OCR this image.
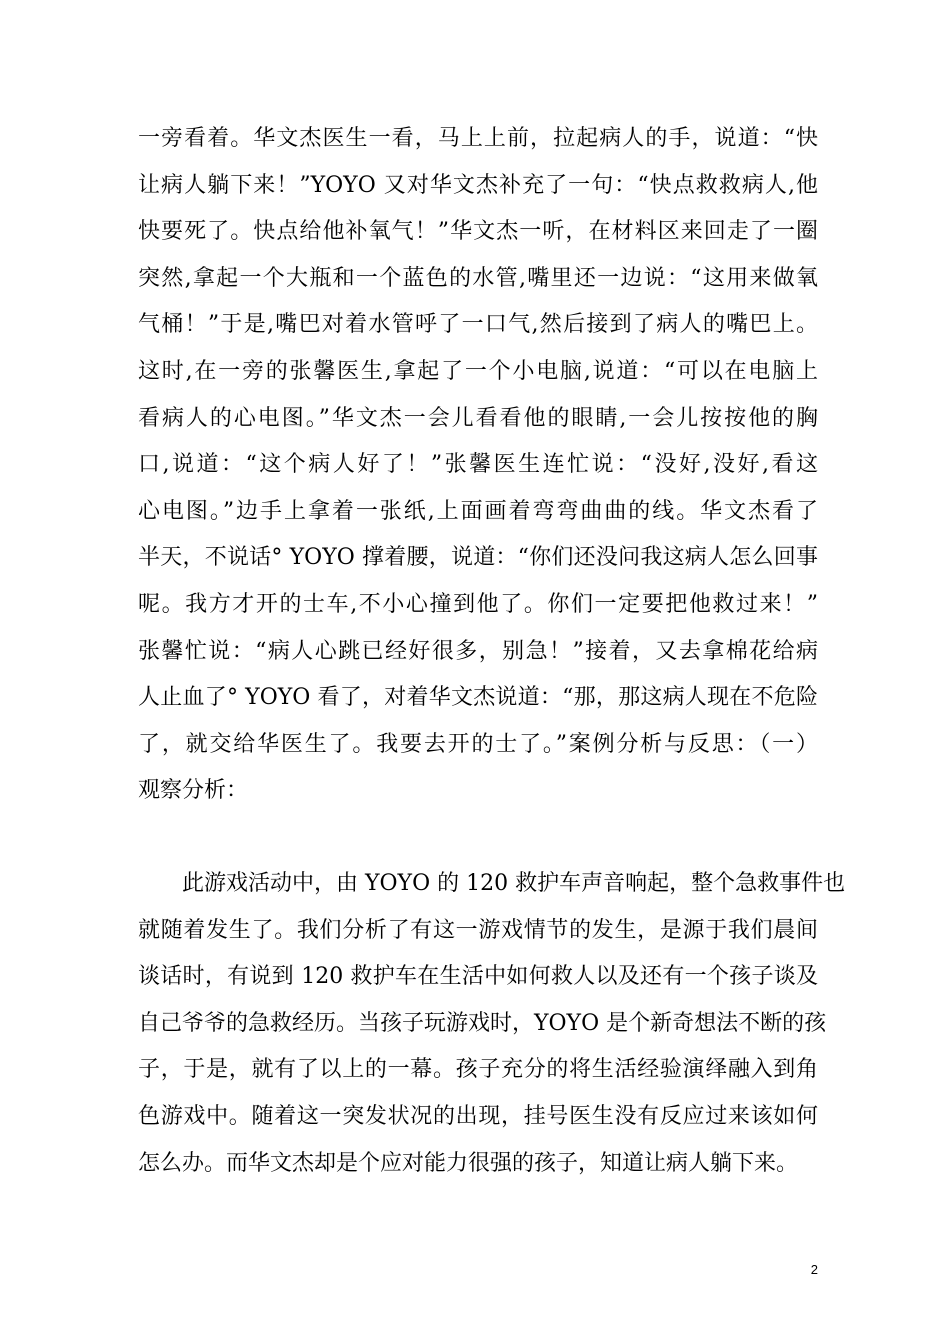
一旁看着。华文杰医生一看，马上上前，拉起病人的手，说道：“快
让病人躺下来！”YOYO 又对华文杰补充了一句：“快点救救病人,他
快要死了。快点给他补氧气！”华文杰一听，在材料区来回走了一圈
突然,拿起一个大瓶和一个蓝色的水管,嘴里还一边说：“这用来做氧
气桶！”于是,嘴巴对着水管呼了一口气,然后接到了病人的嘴巴上。
这时,在一旁的张馨医生,拿起了一个小电脑,说道：“可以在电脑上
看病人的心电图。”华文杰一会儿看看他的眼睛,一会儿按按他的胸
口,说道：“这个病人好了！”张馨医生连忙说：“没好,没好,看这
心电图。”边手上拿着一张纸,上面画着弯弯曲曲的线。华文杰看了
半天，不说话° YOYO 撑着腰，说道：“你们还没问我这病人怎么回事
呢。我方才开的士车,不小心撞到他了。你们一定要把他救过来！”
张馨忙说：“病人心跳已经好很多，别急！”接着，又去拿棉花给病
人止血了° YOYO 看了，对着华文杰说道：“那，那这病人现在不危险
了，就交给华医生了。我要去开的士了。”案例分析与反思：（一）
观察分析：
此游戏活动中，由 YOYO 的 120 救护车声音响起，整个急救事件也
就随着发生了。我们分析了有这一游戏情节的发生，是源于我们晨间
谈话时，有说到 120 救护车在生活中如何救人以及还有一个孩子谈及
自己爷爷的急救经历。当孩子玩游戏时，YOYO 是个新奇想法不断的孩
子，于是，就有了以上的一幕。孩子充分的将生活经验演绎融入到角
色游戏中。随着这一突发状况的出现，挂号医生没有反应过来该如何
怎么办。而华文杰却是个应对能力很强的孩子，知道让病人躺下来。
2
